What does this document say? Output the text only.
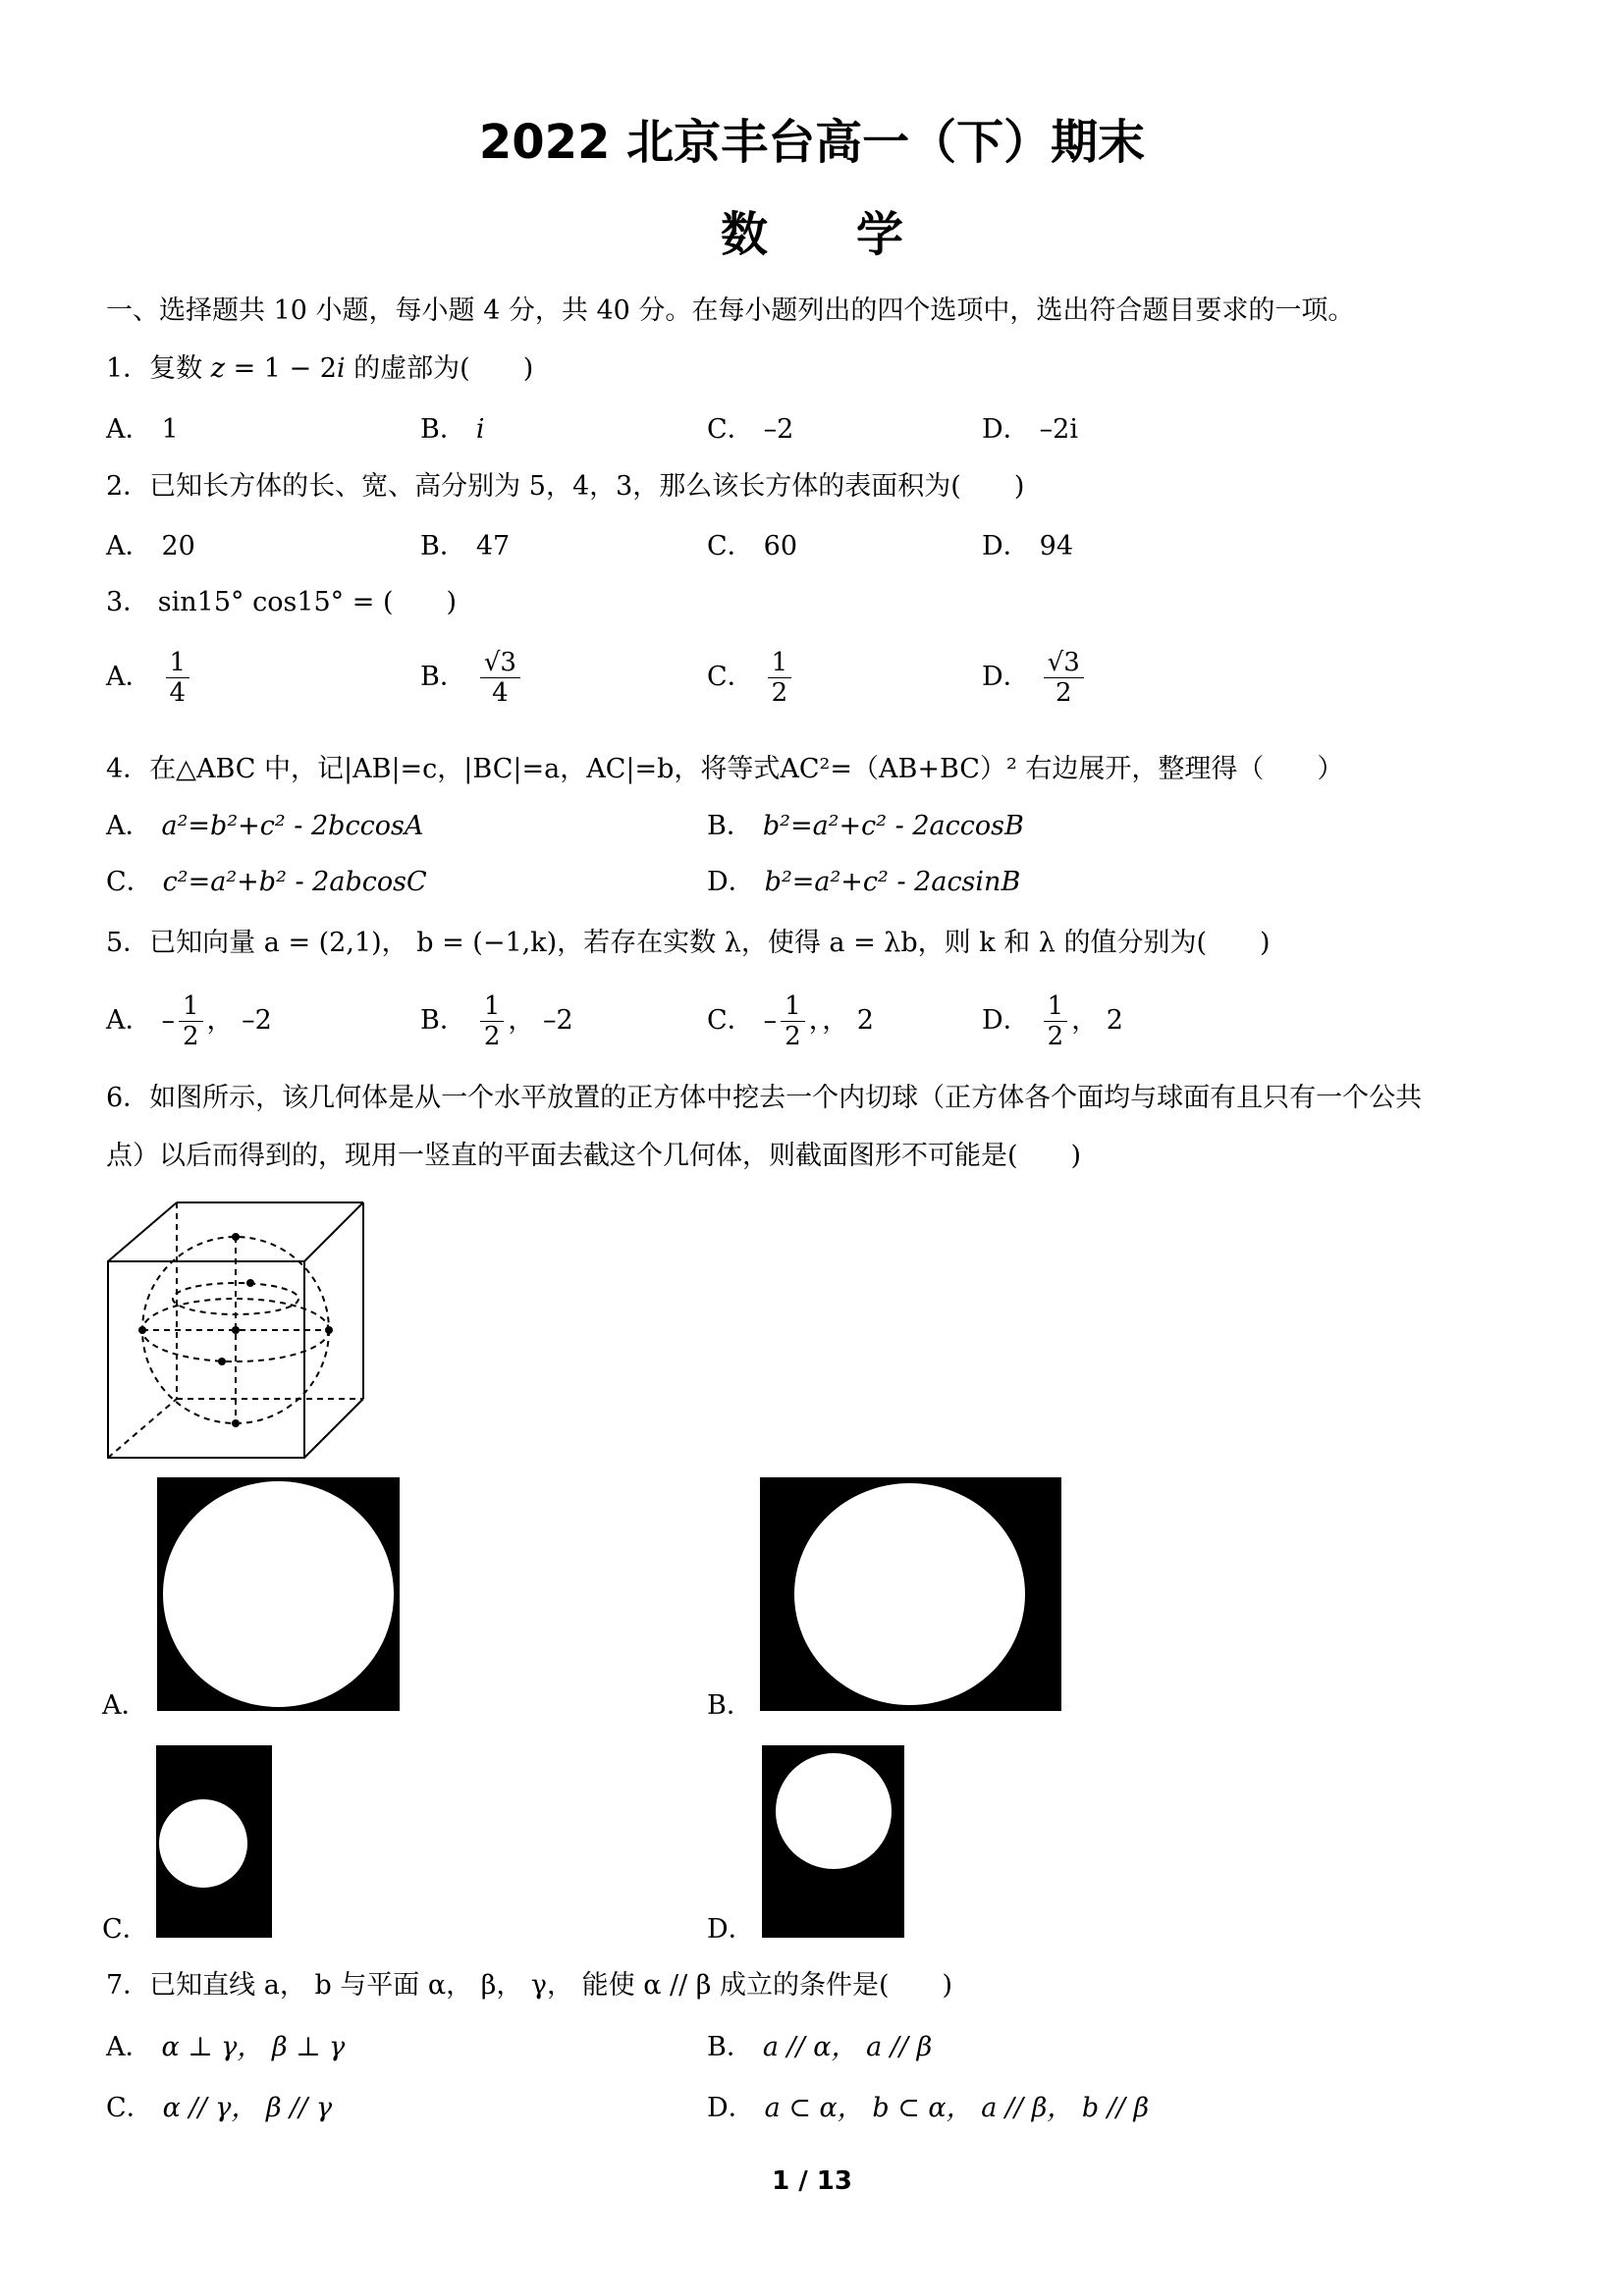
2022 北京丰台高一（下）期末
数学
一、选择题共 10 小题，每小题 4 分，共 40 分。在每小题列出的四个选项中，选出符合题目要求的一项。
1．复数 z = 1 − 2i 的虚部为(　　)
A． 1	B． i	C． –2	D． –2i
2．已知长方体的长、宽、高分别为 5，4，3，那么该长方体的表面积为(　　)
A． 20	B． 47	C． 60	D． 94
3． sin15° cos15° = (　　)
A． $\frac{1}{4}$	B． $\frac{√3}{4}$	C． $\frac{1}{2}$	D． $\frac{√3}{2}$
4．在△ABC 中，记|AB|=c，|BC|=a，AC|=b，将等式AC²=（AB+BC）² 右边展开，整理得（　　）
A． a²=b²+c² - 2bccosA	B． b²=a²+c² - 2accosB
C． c²=a²+b² - 2abcosC	D． b²=a²+c² - 2acsinB
5．已知向量 a = (2,1)， b = (−1,k)，若存在实数 λ，使得 a = λb，则 k 和 λ 的值分别为(　　)
A． – $\frac{1}{2}$ ， –2	B． $\frac{1}{2}$ ， –2	C． – $\frac{1}{2}$ ，， 2	D． $\frac{1}{2}$ ， 2
6．如图所示，该几何体是从一个水平放置的正方体中挖去一个内切球（正方体各个面均与球面有且只有一个公共
点）以后而得到的，现用一竖直的平面去截这个几何体，则截面图形不可能是(　　)
A．	B．
C．	D．
7．已知直线 a， b 与平面 α， β， γ， 能使 α // β 成立的条件是(　　)
A． α ⊥ γ， β ⊥ γ	B． a // α， a // β
C． α // γ， β // γ	D． a ⊂ α， b ⊂ α， a // β， b // β
1 / 13
